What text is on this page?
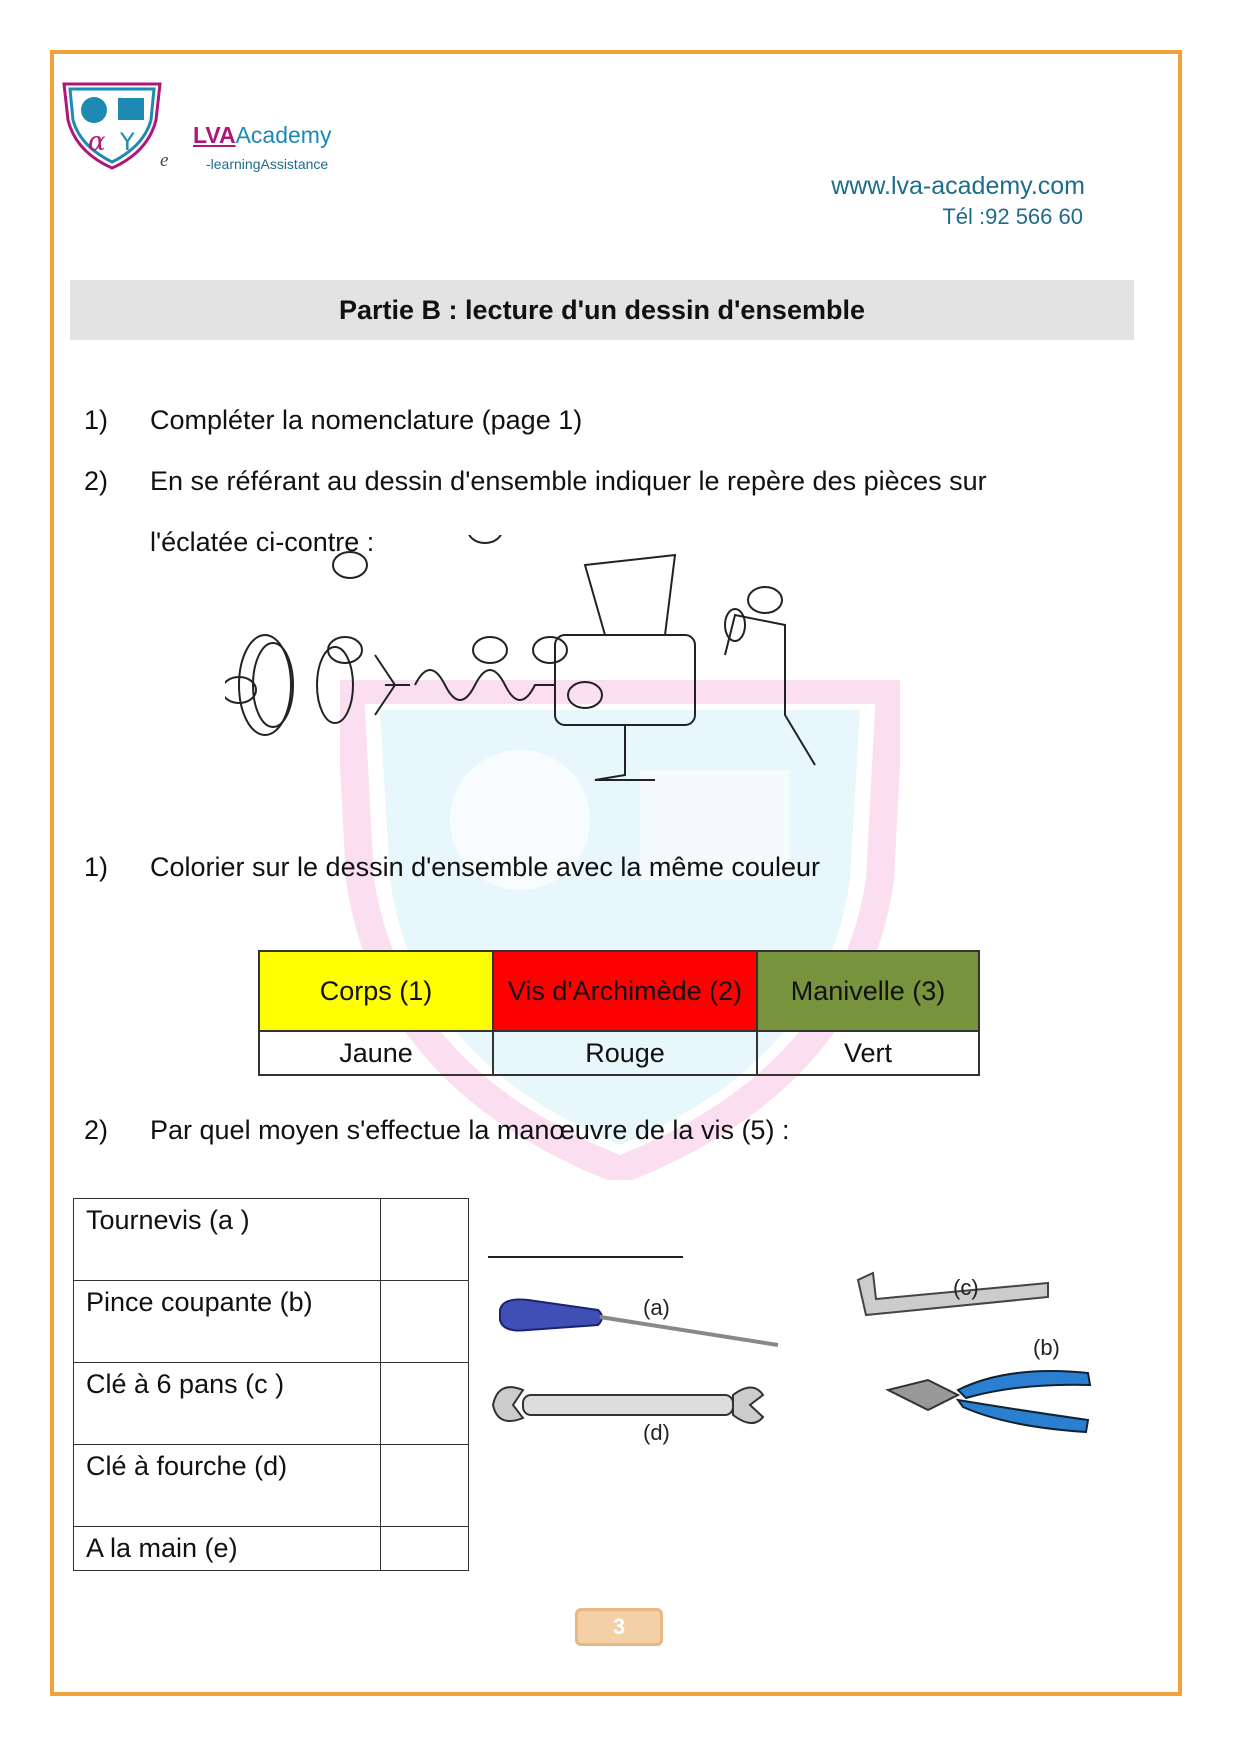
α Y	LVAAcademy
e	-learningAssistance
www.lva-academy.com
Tél :92 566 60
Partie B : lecture d'un dessin d'ensemble
1) Compléter la nomenclature (page 1)
2) En se référant au dessin d'ensemble indiquer le repère des pièces sur
l'éclatée ci-contre :
1) Colorier sur le dessin d'ensemble avec la même couleur
Corps (1)	Vis d'Archimède (2)	Manivelle (3)
Jaune	Rouge	Vert
2) Par quel moyen s'effectue la manœuvre de la vis (5) :
Tournevis (a )	
Pince coupante (b)	
Clé à 6 pans (c )	
Clé à fourche (d)	
A la main (e)	
(a)
(d)
(c)
(b)
3
